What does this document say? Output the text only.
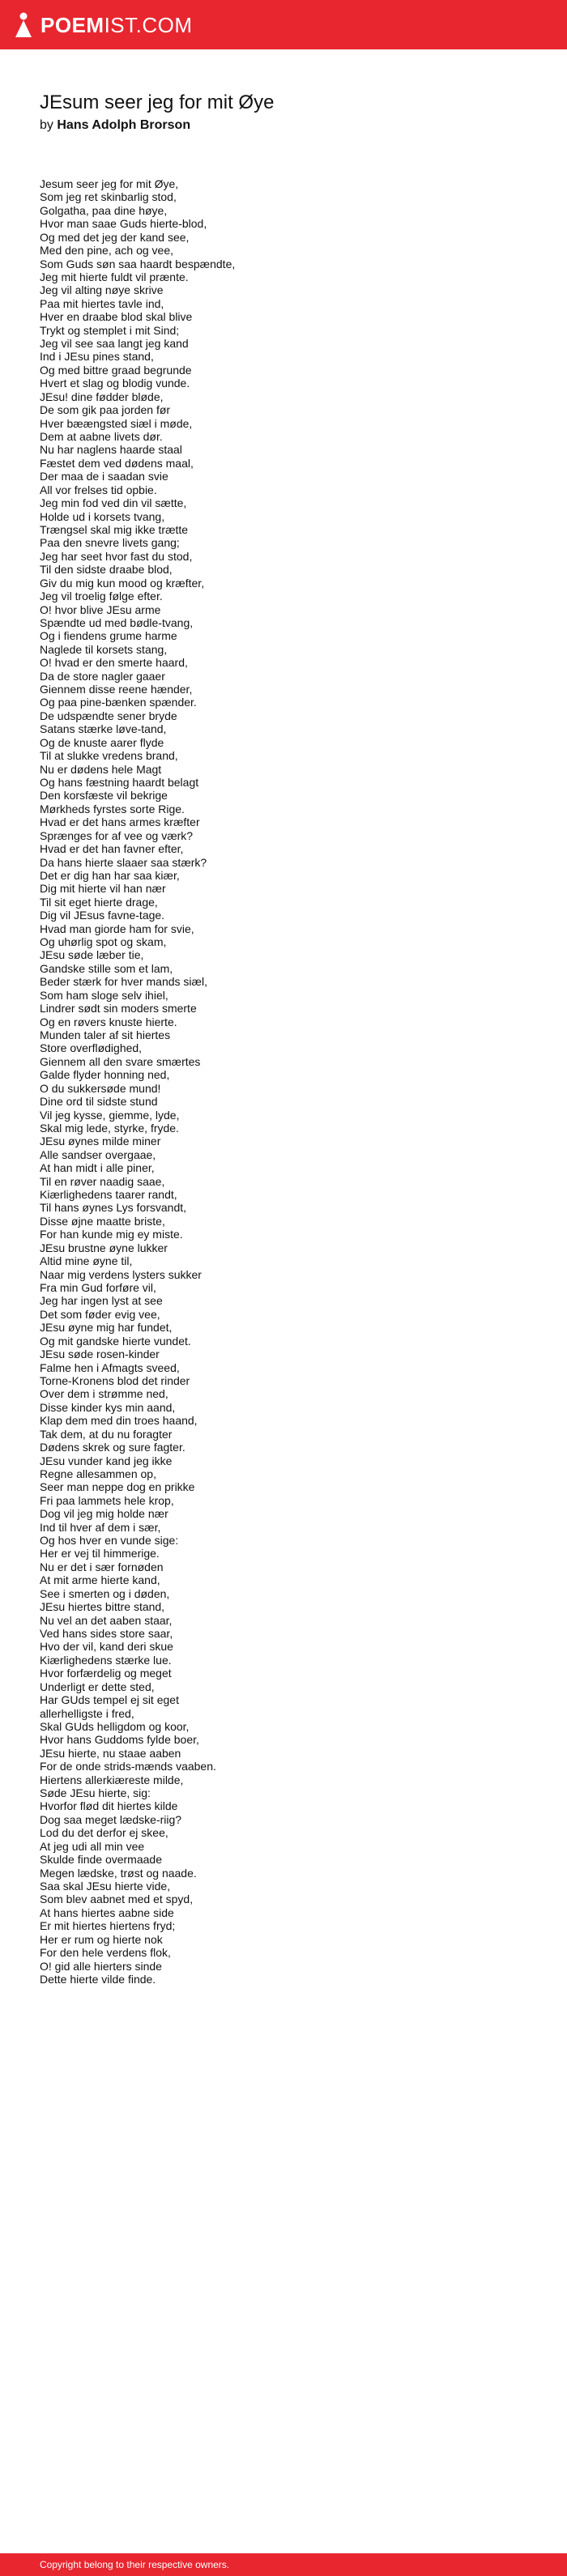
POEMIST.COM
JEsum seer jeg for mit Øye
by Hans Adolph Brorson
Jesum seer jeg for mit Øye,
Som jeg ret skinbarlig stod,
Golgatha, paa dine høye,
Hvor man saae Guds hierte-blod,
Og med det jeg der kand see,
Med den pine, ach og vee,
Som Guds søn saa haardt bespændte,
Jeg mit hierte fuldt vil prænte.
Jeg vil alting nøye skrive
Paa mit hiertes tavle ind,
Hver en draabe blod skal blive
Trykt og stemplet i mit Sind;
Jeg vil see saa langt jeg kand
Ind i JEsu pines stand,
Og med bittre graad begrunde
Hvert et slag og blodig vunde.
JEsu! dine fødder bløde,
De som gik paa jorden før
Hver bæængsted siæl i møde,
Dem at aabne livets dør.
Nu har naglens haarde staal
Fæstet dem ved dødens maal,
Der maa de i saadan svie
All vor frelses tid opbie.
Jeg min fod ved din vil sætte,
Holde ud i korsets tvang,
Trængsel skal mig ikke trætte
Paa den snevre livets gang;
Jeg har seet hvor fast du stod,
Til den sidste draabe blod,
Giv du mig kun mood og kræfter,
Jeg vil troelig følge efter.
O! hvor blive JEsu arme
Spændte ud med bødle-tvang,
Og i fiendens grume harme
Naglede til korsets stang,
O! hvad er den smerte haard,
Da de store nagler gaaer
Giennem disse reene hænder,
Og paa pine-bænken spænder.
De udspændte sener bryde
Satans stærke løve-tand,
Og de knuste aarer flyde
Til at slukke vredens brand,
Nu er dødens hele Magt
Og hans fæstning haardt belagt
Den korsfæste vil bekrige
Mørkheds fyrstes sorte Rige.
Hvad er det hans armes kræfter
Sprænges for af vee og værk?
Hvad er det han favner efter,
Da hans hierte slaaer saa stærk?
Det er dig han har saa kiær,
Dig mit hierte vil han nær
Til sit eget hierte drage,
Dig vil JEsus favne-tage.
Hvad man giorde ham for svie,
Og uhørlig spot og skam,
JEsu søde læber tie,
Gandske stille som et lam,
Beder stærk for hver mands siæl,
Som ham sloge selv ihiel,
Lindrer sødt sin moders smerte
Og en røvers knuste hierte.
Munden taler af sit hiertes
Store overflødighed,
Giennem all den svare smærtes
Galde flyder honning ned,
O du sukkersøde mund!
Dine ord til sidste stund
Vil jeg kysse, giemme, lyde,
Skal mig lede, styrke, fryde.
JEsu øynes milde miner
Alle sandser overgaae,
At han midt i alle piner,
Til en røver naadig saae,
Kiærlighedens taarer randt,
Til hans øynes Lys forsvandt,
Disse øjne maatte briste,
For han kunde mig ey miste.
JEsu brustne øyne lukker
Altid mine øyne til,
Naar mig verdens lysters sukker
Fra min Gud forføre vil,
Jeg har ingen lyst at see
Det som føder evig vee,
JEsu øyne mig har fundet,
Og mit gandske hierte vundet.
JEsu søde rosen-kinder
Falme hen i Afmagts sveed,
Torne-Kronens blod det rinder
Over dem i strømme ned,
Disse kinder kys min aand,
Klap dem med din troes haand,
Tak dem, at du nu foragter
Dødens skrek og sure fagter.
JEsu vunder kand jeg ikke
Regne allesammen op,
Seer man neppe dog en prikke
Fri paa lammets hele krop,
Dog vil jeg mig holde nær
Ind til hver af dem i sær,
Og hos hver en vunde sige:
Her er vej til himmerige.
Nu er det i sær fornøden
At mit arme hierte kand,
See i smerten og i døden,
JEsu hiertes bittre stand,
Nu vel an det aaben staar,
Ved hans sides store saar,
Hvo der vil, kand deri skue
Kiærlighedens stærke lue.
Hvor forfærdelig og meget
Underligt er dette sted,
Har GUds tempel ej sit eget
allerhelligste i fred,
Skal GUds helligdom og koor,
Hvor hans Guddoms fylde boer,
JEsu hierte, nu staae aaben
For de onde strids-mænds vaaben.
Hiertens allerkiæreste milde,
Søde JEsu hierte, sig:
Hvorfor flød dit hiertes kilde
Dog saa meget lædske-riig?
Lod du det derfor ej skee,
At jeg udi all min vee
Skulde finde overmaade
Megen lædske, trøst og naade.
Saa skal JEsu hierte vide,
Som blev aabnet med et spyd,
At hans hiertes aabne side
Er mit hiertes hiertens fryd;
Her er rum og hierte nok
For den hele verdens flok,
O! gid alle hierters sinde
Dette hierte vilde finde.
Copyright belong to their respective owners.
